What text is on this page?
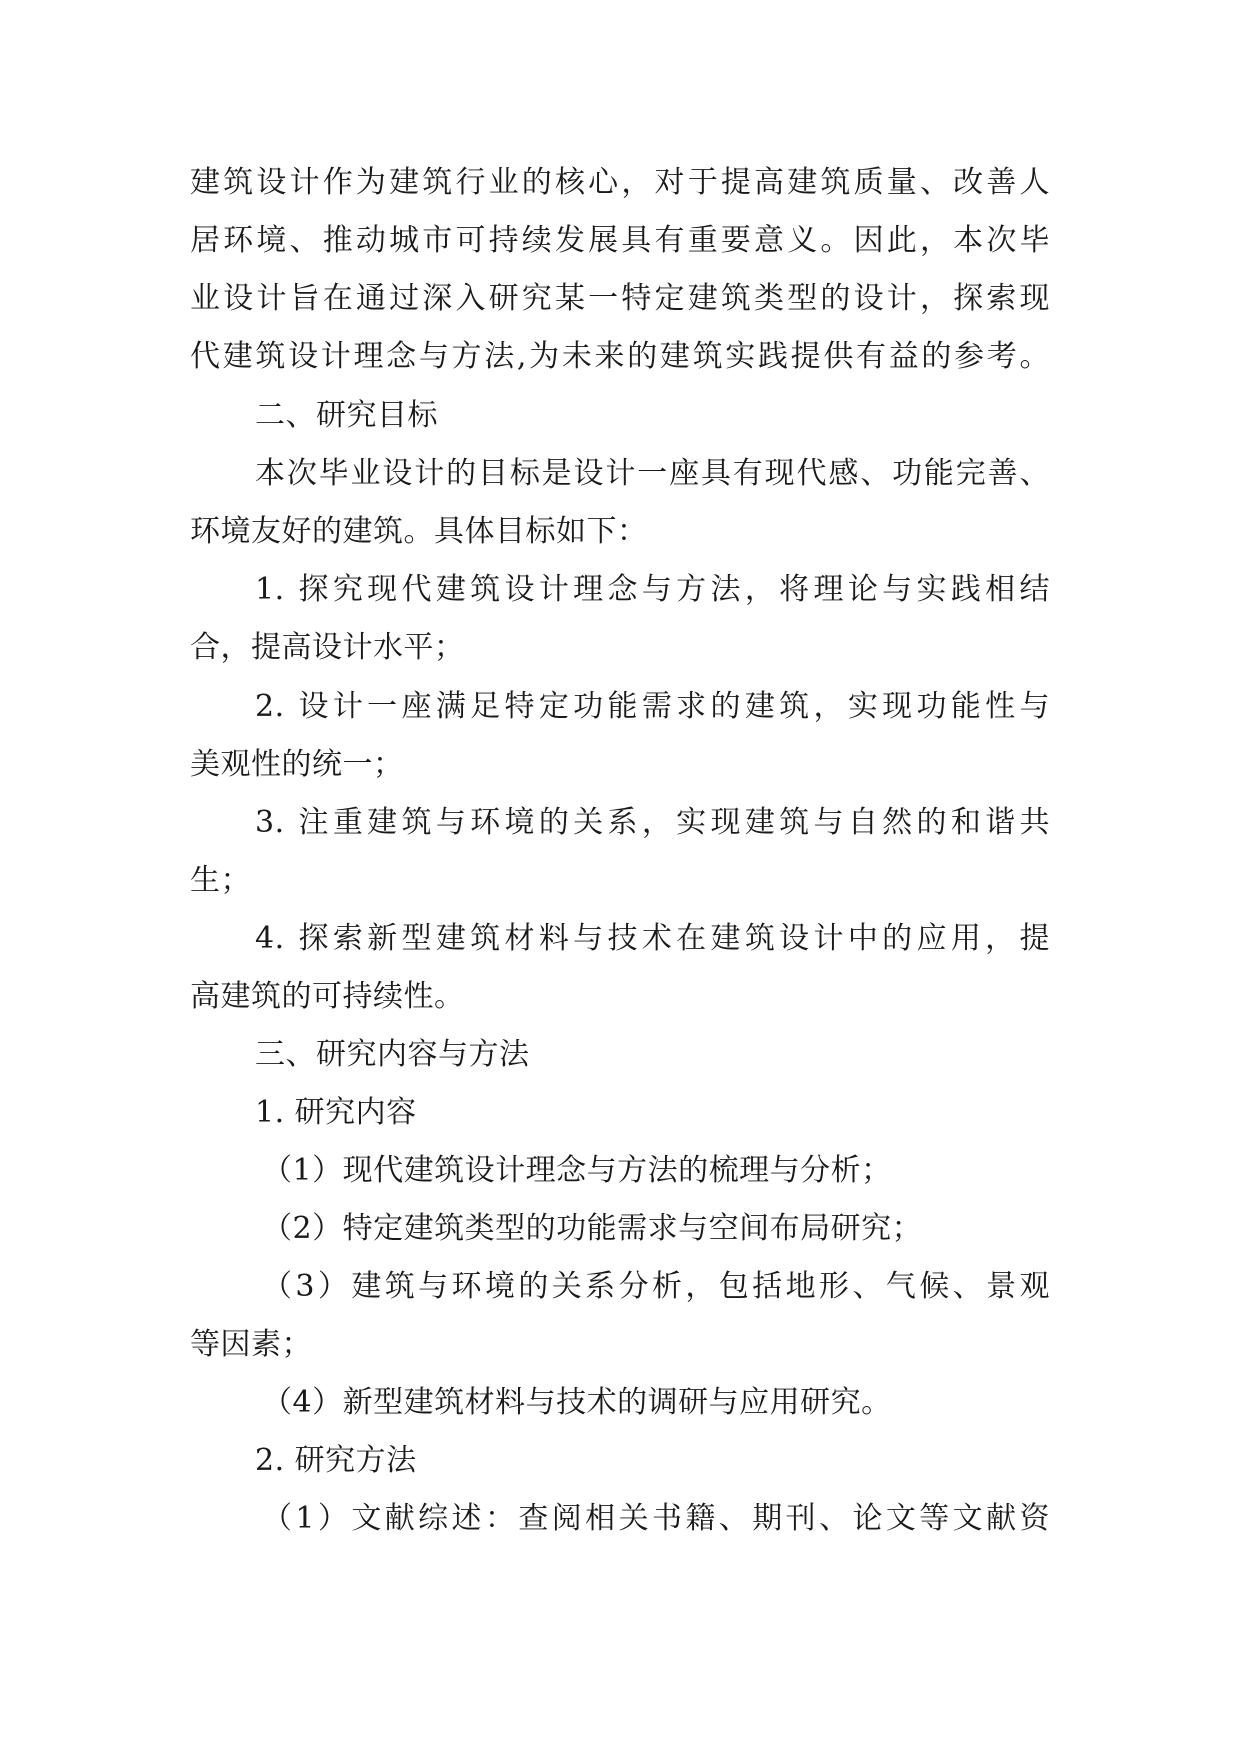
建筑设计作为建筑行业的核心，对于提高建筑质量、改善人
居环境、推动城市可持续发展具有重要意义。因此，本次毕
业设计旨在通过深入研究某一特定建筑类型的设计，探索现
代建筑设计理念与方法,为未来的建筑实践提供有益的参考。
二、研究目标
本次毕业设计的目标是设计一座具有现代感、功能完善、
环境友好的建筑。具体目标如下：
1. 探究现代建筑设计理念与方法，将理论与实践相结
合，提高设计水平；
2. 设计一座满足特定功能需求的建筑，实现功能性与
美观性的统一；
3. 注重建筑与环境的关系，实现建筑与自然的和谐共
生；
4. 探索新型建筑材料与技术在建筑设计中的应用，提
高建筑的可持续性。
三、研究内容与方法
1. 研究内容
（1）现代建筑设计理念与方法的梳理与分析；
（2）特定建筑类型的功能需求与空间布局研究；
（3）建筑与环境的关系分析，包括地形、气候、景观
等因素；
（4）新型建筑材料与技术的调研与应用研究。
2. 研究方法
（1）文献综述：查阅相关书籍、期刊、论文等文献资
